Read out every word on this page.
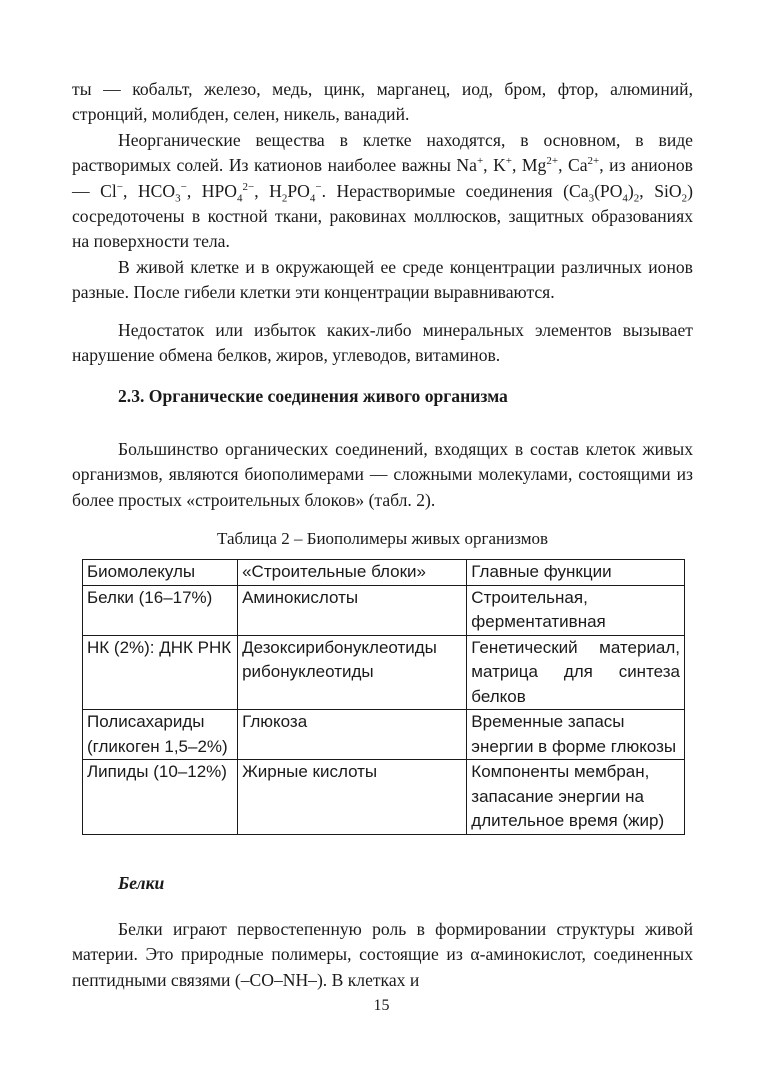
ты — кобальт, железо, медь, цинк, марганец, иод, бром, фтор, алюминий, стронций, молибден, селен, никель, ванадий.

Неорганические вещества в клетке находятся, в основном, в виде растворимых солей. Из катионов наиболее важны Na+, K+, $Mg^{2+}$, $Ca^{2+}$, из анионов — Cl−, $HCO_3^-$, $HPO_4^{2-}$, $H_2PO_4^-$. Нерастворимые соединения ($Ca_3(PO_4)_2$, SiO$_2$) сосредоточены в костной ткани, раковинах моллюсков, защитных образованиях на поверхности тела.

В живой клетке и в окружающей ее среде концентрации различных ионов разные. После гибели клетки эти концентрации выравниваются.

Недостаток или избыток каких-либо минеральных элементов вызывает нарушение обмена белков, жиров, углеводов, витаминов.

2.3. Органические соединения живого организма

Большинство органических соединений, входящих в состав клеток живых организмов, являются биополимерами — сложными молекулами, состоящими из более простых «строительных блоков» (табл. 2).

Таблица 2 – Биополимеры живых организмов

Биомолекулы	«Строительные блоки»	Главные функции
Белки (16–17%)	Аминокислоты	Строительная, ферментативная
НК (2%): ДНК РНК	Дезоксирибонуклеотиды рибонуклеотиды	Генетический материал, матрица для синтеза белков
Полисахариды (гликоген 1,5–2%)	Глюкоза	Временные запасы энергии в форме глюкозы
Липиды (10–12%)	Жирные кислоты	Компоненты мембран, запасание энергии на длительное время (жир)
Белки

Белки играют первостепенную роль в формировании структуры живой материи. Это природные полимеры, состоящие из α-аминокислот, соединенных пептидными связями (–CO–NH–). В клетках и

15
